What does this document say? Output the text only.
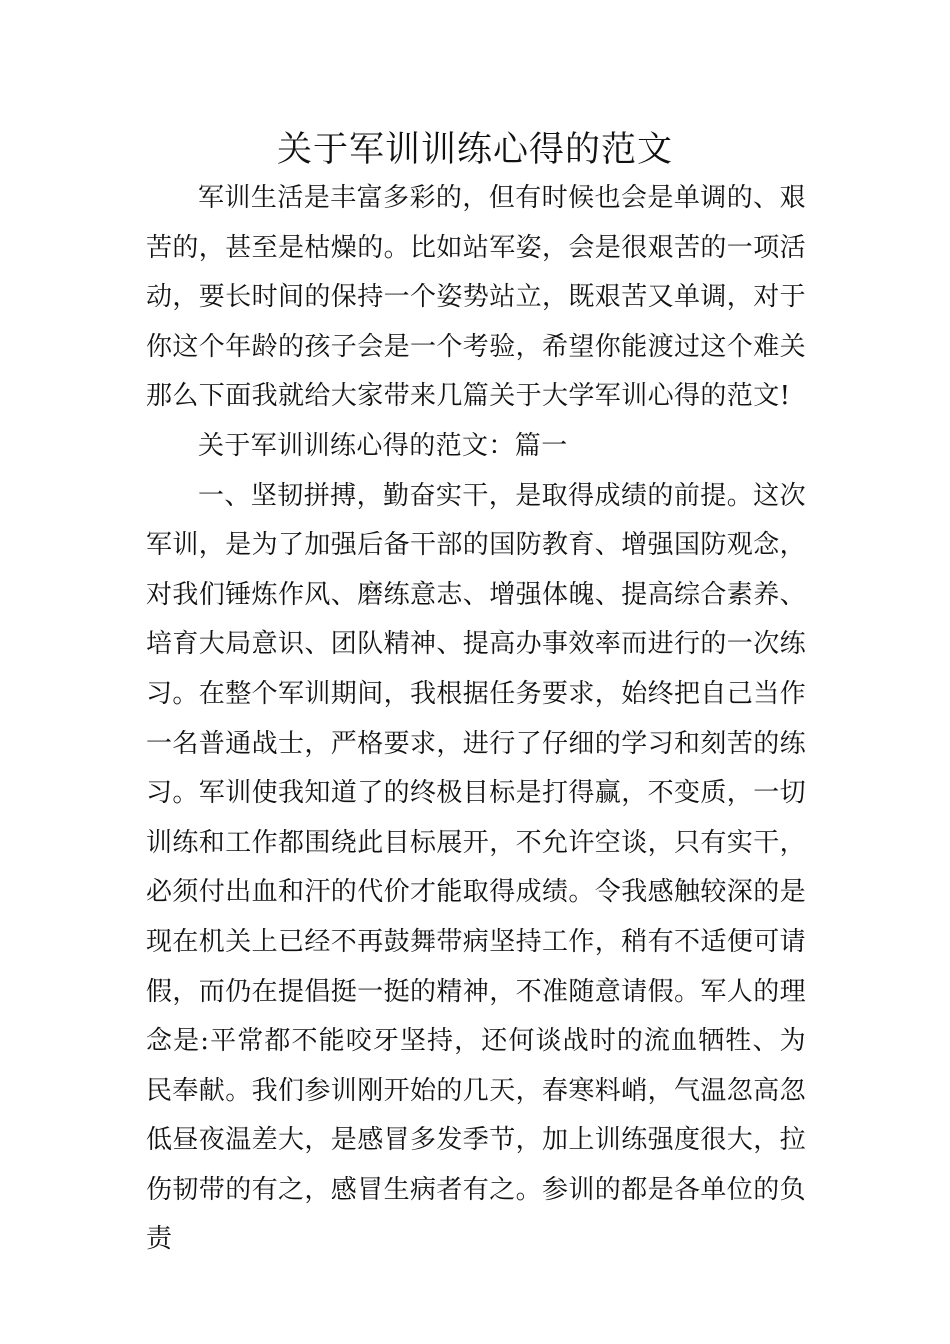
关于军训训练心得的范文

军训生活是丰富多彩的，但有时候也会是单调的、艰苦的，甚至是枯燥的。比如站军姿，会是很艰苦的一项活动，要长时间的保持一个姿势站立，既艰苦又单调，对于你这个年龄的孩子会是一个考验，希望你能渡过这个难关那么下面我就给大家带来几篇关于大学军训心得的范文!

关于军训训练心得的范文：篇一

一、坚韧拼搏，勤奋实干，是取得成绩的前提。这次军训，是为了加强后备干部的国防教育、增强国防观念，对我们锤炼作风、磨练意志、增强体魄、提高综合素养、培育大局意识、团队精神、提高办事效率而进行的一次练习。在整个军训期间，我根据任务要求，始终把自己当作一名普通战士，严格要求，进行了仔细的学习和刻苦的练习。军训使我知道了的终极目标是打得赢，不变质，一切训练和工作都围绕此目标展开，不允许空谈，只有实干，必须付出血和汗的代价才能取得成绩。令我感触较深的是现在机关上已经不再鼓舞带病坚持工作，稍有不适便可请假，而仍在提倡挺一挺的精神，不准随意请假。军人的理念是:平常都不能咬牙坚持，还何谈战时的流血牺牲、为民奉献。我们参训刚开始的几天，春寒料峭，气温忽高忽低昼夜温差大，是感冒多发季节，加上训练强度很大，拉伤韧带的有之，感冒生病者有之。参训的都是各单位的负责
